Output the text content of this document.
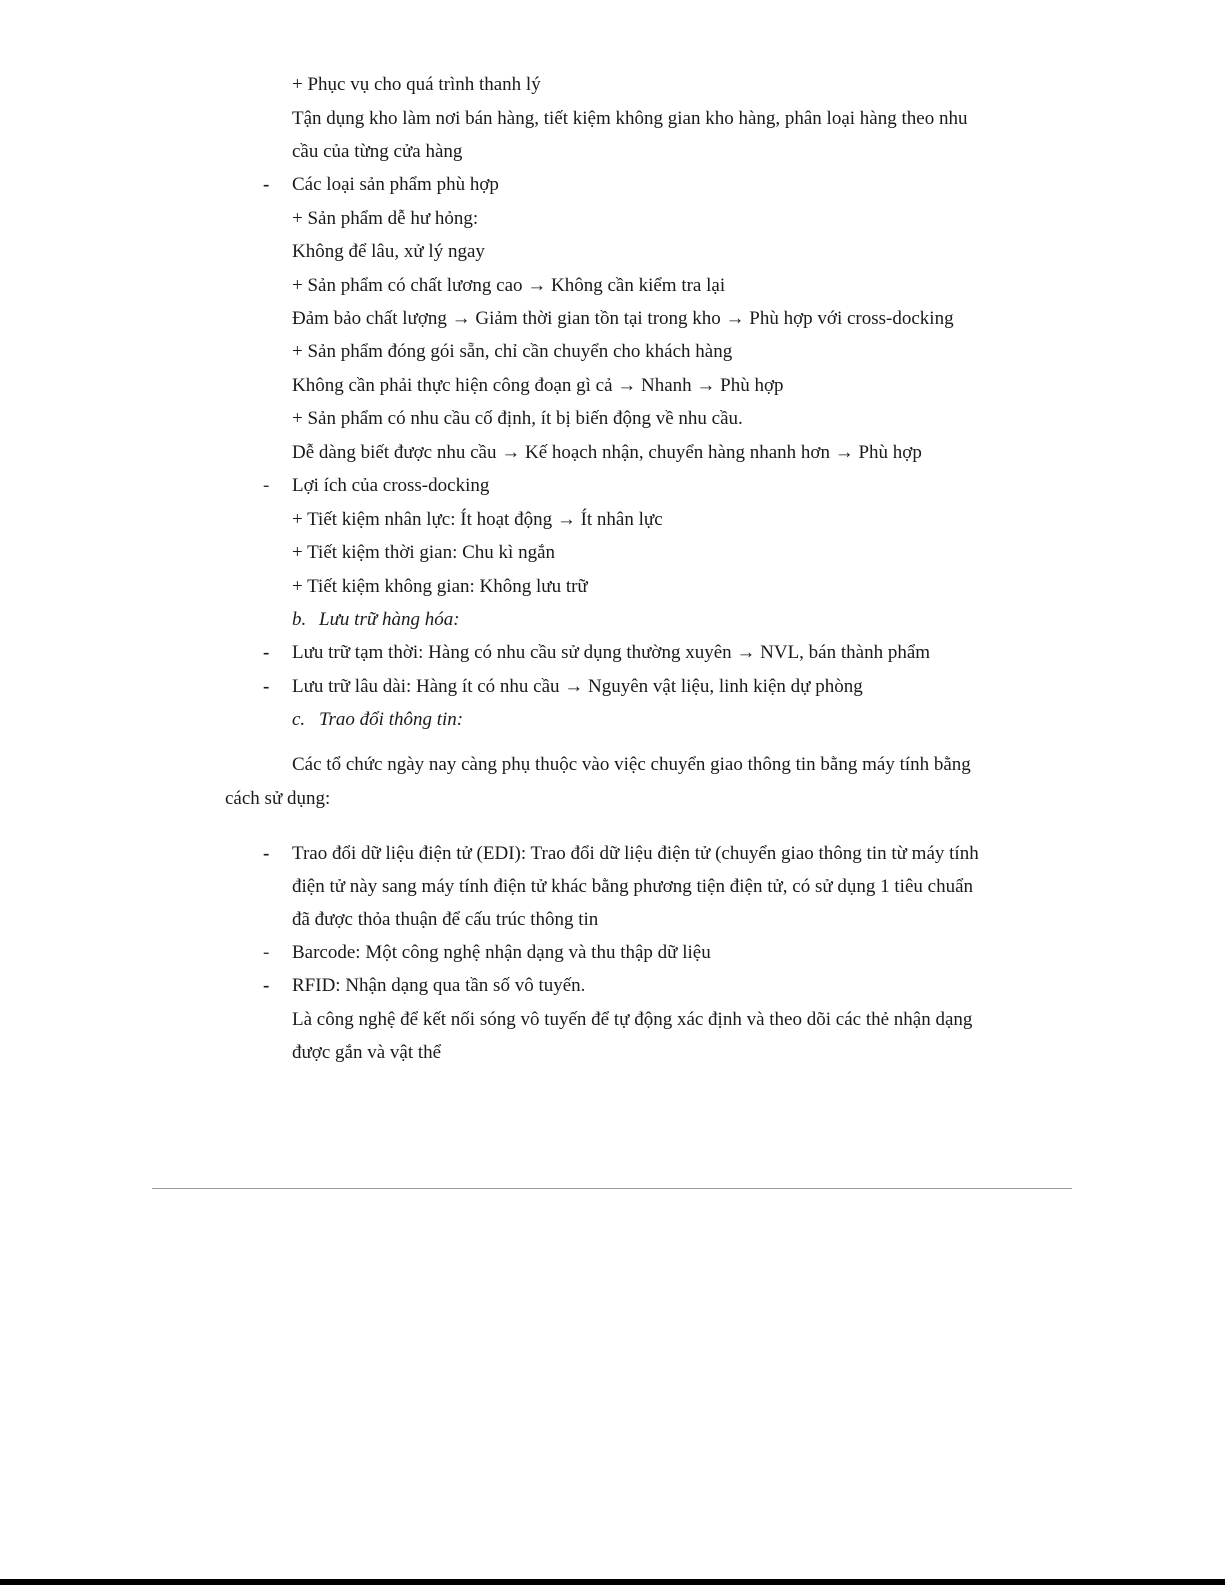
-
-
-
-
-
-
-
+ Phục vụ cho quá trình thanh lý
Tận dụng kho làm nơi bán hàng, tiết kiệm không gian kho hàng, phân loại hàng theo nhu
cầu của từng cửa hàng
Các loại sản phẩm phù hợp
+ Sản phẩm dễ hư hỏng:
Không để lâu, xử lý ngay
+ Sản phẩm có chất lương cao → Không cần kiểm tra lại
Đảm bảo chất lượng → Giảm thời gian tồn tại trong kho → Phù hợp với cross-docking
+ Sản phẩm đóng gói sẵn, chỉ cần chuyển cho khách hàng
Không cần phải thực hiện công đoạn gì cả → Nhanh → Phù hợp
+ Sản phẩm có nhu cầu cố định, ít bị biến động về nhu cầu.
Dễ dàng biết được nhu cầu → Kế hoạch nhận, chuyển hàng nhanh hơn → Phù hợp
Lợi ích của cross-docking
+ Tiết kiệm nhân lực: Ít hoạt động → Ít nhân lực
+ Tiết kiệm thời gian: Chu kì ngắn
+ Tiết kiệm không gian: Không lưu trữ
b. Lưu trữ hàng hóa:
Lưu trữ tạm thời: Hàng có nhu cầu sử dụng thường xuyên → NVL, bán thành phẩm
Lưu trữ lâu dài: Hàng ít có nhu cầu → Nguyên vật liệu, linh kiện dự phòng
c. Trao đổi thông tin:
Các tổ chức ngày nay càng phụ thuộc vào việc chuyển giao thông tin bằng máy tính bằng
cách sử dụng:
Trao đổi dữ liệu điện tử (EDI): Trao đổi dữ liệu điện tử (chuyển giao thông tin từ máy tính
điện tử này sang máy tính điện tử khác bằng phương tiện điện tử, có sử dụng 1 tiêu chuẩn
đã được thỏa thuận để cấu trúc thông tin
Barcode: Một công nghệ nhận dạng và thu thập dữ liệu
RFID: Nhận dạng qua tần số vô tuyến.
Là công nghệ để kết nối sóng vô tuyến để tự động xác định và theo dõi các thẻ nhận dạng
được gắn và vật thể
